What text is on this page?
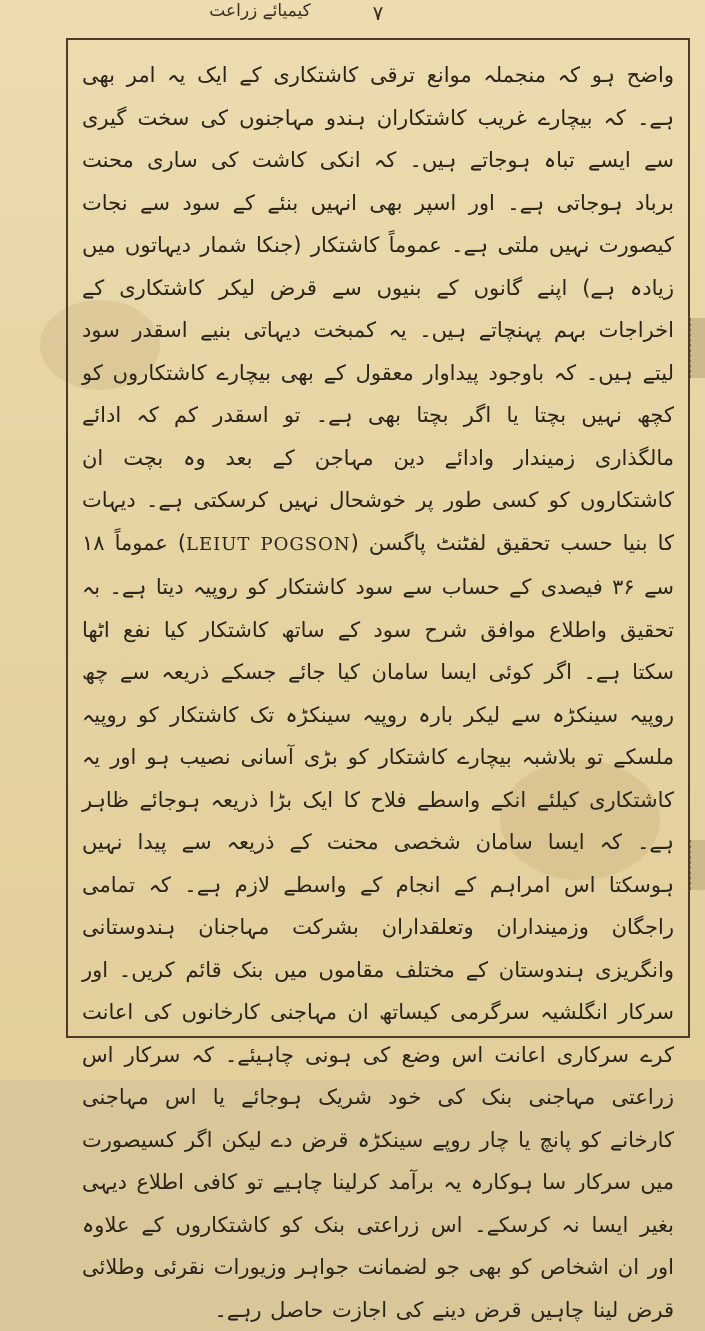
کیمیائے زراعت	۷

واضح ہو کہ منجملہ موانع ترقی کاشتکاری کے ایک یہ امر بھی ہے۔ کہ بیچارے غریب کاشتکاران ہندو مہاجنوں کی سخت گیری سے ایسے تباہ ہوجاتے ہیں۔ کہ انکی کاشت کی ساری محنت برباد ہوجاتی ہے۔ اور اسپر بھی انہیں بنئے کے سود سے نجات کیصورت نہیں ملتی ہے۔ عموماً کاشتکار (جنکا شمار دیہاتوں میں زیادہ ہے) اپنے گانوں کے بنیوں سے قرض لیکر کاشتکاری کے اخراجات بہم پہنچاتے ہیں۔ یہ کمبخت دیہاتی بنیے اسقدر سود لیتے ہیں۔ کہ باوجود پیداوار معقول کے بھی بیچارے کاشتکاروں کو کچھ نہیں بچتا یا اگر بچتا بھی ہے۔ تو اسقدر کم کہ ادائے مالگذاری زمیندار وادائے دین مہاجن کے بعد وہ بچت ان کاشتکاروں کو کسی طور پر خوشحال نہیں کرسکتی ہے۔ دیہات کا بنیا حسب تحقیق لفٹنٹ پاگسن (LEIUT POGSON) عموماً ۱۸ سے ۳۶ فیصدی کے حساب سے سود کاشتکار کو روپیہ دیتا ہے۔ بہ تحقیق واطلاع موافق شرح سود کے ساتھ کاشتکار کیا نفع اٹھا سکتا ہے۔ اگر کوئی ایسا سامان کیا جائے جسکے ذریعہ سے چھ روپیہ سینکڑہ سے لیکر بارہ روپیہ سینکڑہ تک کاشتکار کو روپیہ ملسکے تو بلاشبہ بیچارے کاشتکار کو بڑی آسانی نصیب ہو اور یہ کاشتکاری کیلئے انکے واسطے فلاح کا ایک بڑا ذریعہ ہوجائے ظاہر ہے۔ کہ ایسا سامان شخصی محنت کے ذریعہ سے پیدا نہیں ہوسکتا اس امراہم کے انجام کے واسطے لازم ہے۔ کہ تمامی راجگان وزمینداران وتعلقداران بشرکت مہاجنان ہندوستانی وانگریزی ہندوستان کے مختلف مقاموں میں بنک قائم کریں۔ اور سرکار انگلشیہ سرگرمی کیساتھ ان مہاجنی کارخانوں کی اعانت کرے سرکاری اعانت اس وضع کی ہونی چاہیئے۔ کہ سرکار اس زراعتی مہاجنی بنک کی خود شریک ہوجائے یا اس مہاجنی کارخانے کو پانچ یا چار روپے سینکڑہ قرض دے لیکن اگر کسیصورت میں سرکار سا ہوکارہ یہ برآمد کرلینا چاہیے تو کافی اطلاع دیہی بغیر ایسا نہ کرسکے۔ اس زراعتی بنک کو کاشتکاروں کے علاوہ اور ان اشخاص کو بھی جو لضمانت جواہر وزیورات نقرئی وطلائی قرض لینا چاہیں قرض دینے کی اجازت حاصل رہے۔
